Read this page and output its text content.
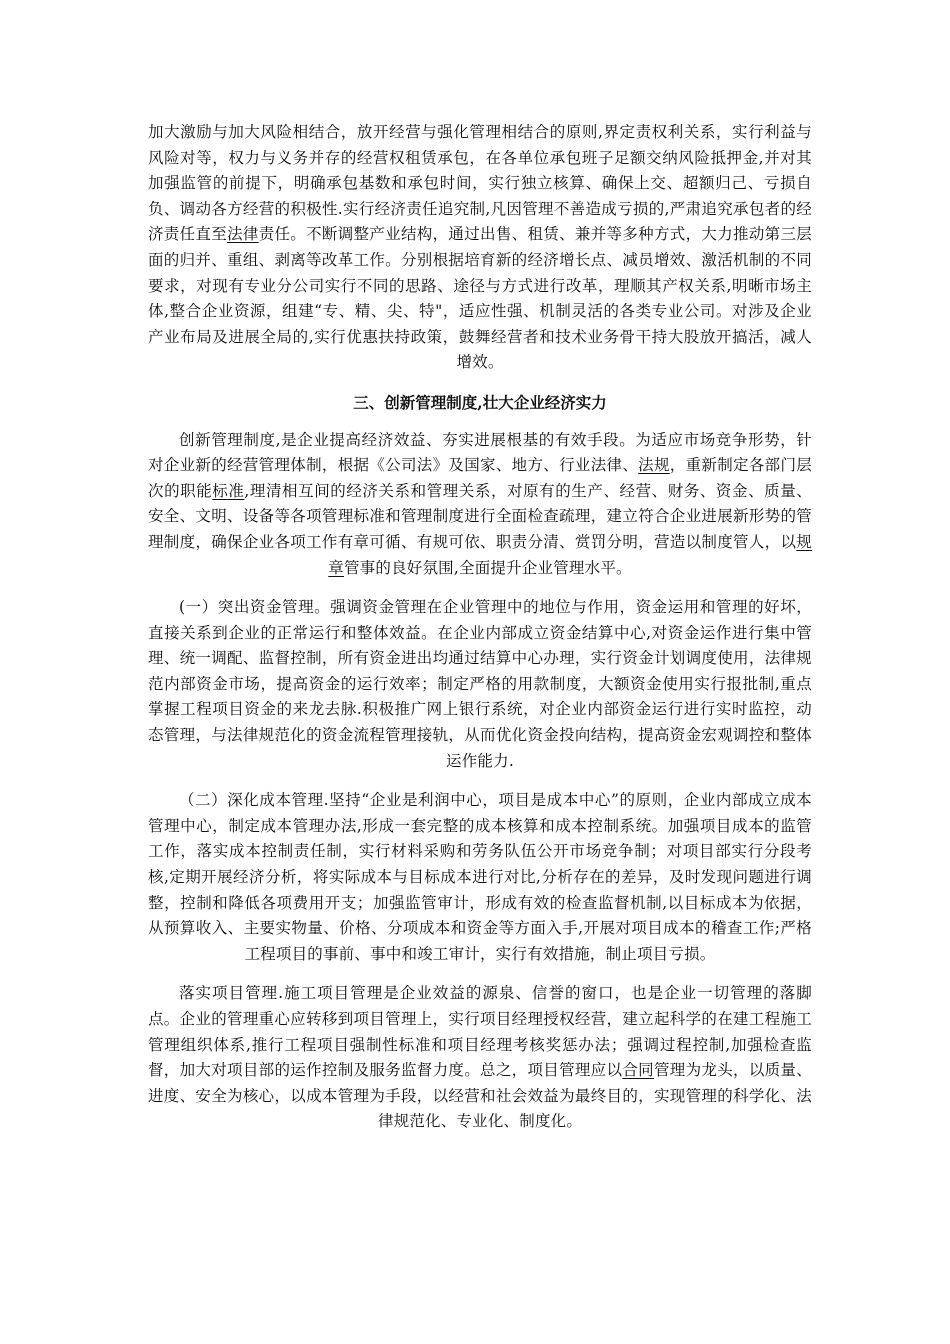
加大激励与加大风险相结合，放开经营与强化管理相结合的原则,界定责权利关系，实行利益与风险对等，权力与义务并存的经营权租赁承包，在各单位承包班子足额交纳风险抵押金,并对其加强监管的前提下，明确承包基数和承包时间，实行独立核算、确保上交、超额归己、亏损自负、调动各方经营的积极性.实行经济责任追究制,凡因管理不善造成亏损的,严肃追究承包者的经济责任直至法律责任。不断调整产业结构，通过出售、租赁、兼并等多种方式，大力推动第三层面的归并、重组、剥离等改革工作。分别根据培育新的经济增长点、减员增效、激活机制的不同要求，对现有专业分公司实行不同的思路、途径与方式进行改革，理顺其产权关系,明晰市场主体,整合企业资源，组建“专、精、尖、特"，适应性强、机制灵活的各类专业公司。对涉及企业产业布局及进展全局的,实行优惠扶持政策，鼓舞经营者和技术业务骨干持大股放开搞活，减人增效。

三、创新管理制度,壮大企业经济实力

创新管理制度,是企业提高经济效益、夯实进展根基的有效手段。为适应市场竞争形势，针对企业新的经营管理体制，根据《公司法》及国家、地方、行业法律、法规，重新制定各部门层次的职能标准,理清相互间的经济关系和管理关系，对原有的生产、经营、财务、资金、质量、安全、文明、设备等各项管理标准和管理制度进行全面检查疏理，建立符合企业进展新形势的管理制度，确保企业各项工作有章可循、有规可依、职责分清、赏罚分明，营造以制度管人，以规章管事的良好氛围,全面提升企业管理水平。

(一）突出资金管理。强调资金管理在企业管理中的地位与作用，资金运用和管理的好坏，直接关系到企业的正常运行和整体效益。在企业内部成立资金结算中心,对资金运作进行集中管理、统一调配、监督控制，所有资金进出均通过结算中心办理，实行资金计划调度使用，法律规范内部资金市场，提高资金的运行效率；制定严格的用款制度，大额资金使用实行报批制,重点掌握工程项目资金的来龙去脉.积极推广网上银行系统，对企业内部资金运行进行实时监控，动态管理，与法律规范化的资金流程管理接轨，从而优化资金投向结构，提高资金宏观调控和整体运作能力.

（二）深化成本管理.坚持“企业是利润中心，项目是成本中心”的原则，企业内部成立成本管理中心，制定成本管理办法,形成一套完整的成本核算和成本控制系统。加强项目成本的监管工作，落实成本控制责任制，实行材料采购和劳务队伍公开市场竞争制；对项目部实行分段考核,定期开展经济分析，将实际成本与目标成本进行对比,分析存在的差异，及时发现问题进行调整，控制和降低各项费用开支；加强监管审计，形成有效的检查监督机制,以目标成本为依据，从预算收入、主要实物量、价格、分项成本和资金等方面入手,开展对项目成本的稽查工作;严格工程项目的事前、事中和竣工审计，实行有效措施，制止项目亏损。

落实项目管理.施工项目管理是企业效益的源泉、信誉的窗口，也是企业一切管理的落脚点。企业的管理重心应转移到项目管理上，实行项目经理授权经营，建立起科学的在建工程施工管理组织体系,推行工程项目强制性标准和项目经理考核奖惩办法；强调过程控制,加强检查监督，加大对项目部的运作控制及服务监督力度。总之，项目管理应以合同管理为龙头，以质量、进度、安全为核心，以成本管理为手段，以经营和社会效益为最终目的，实现管理的科学化、法律规范化、专业化、制度化。
